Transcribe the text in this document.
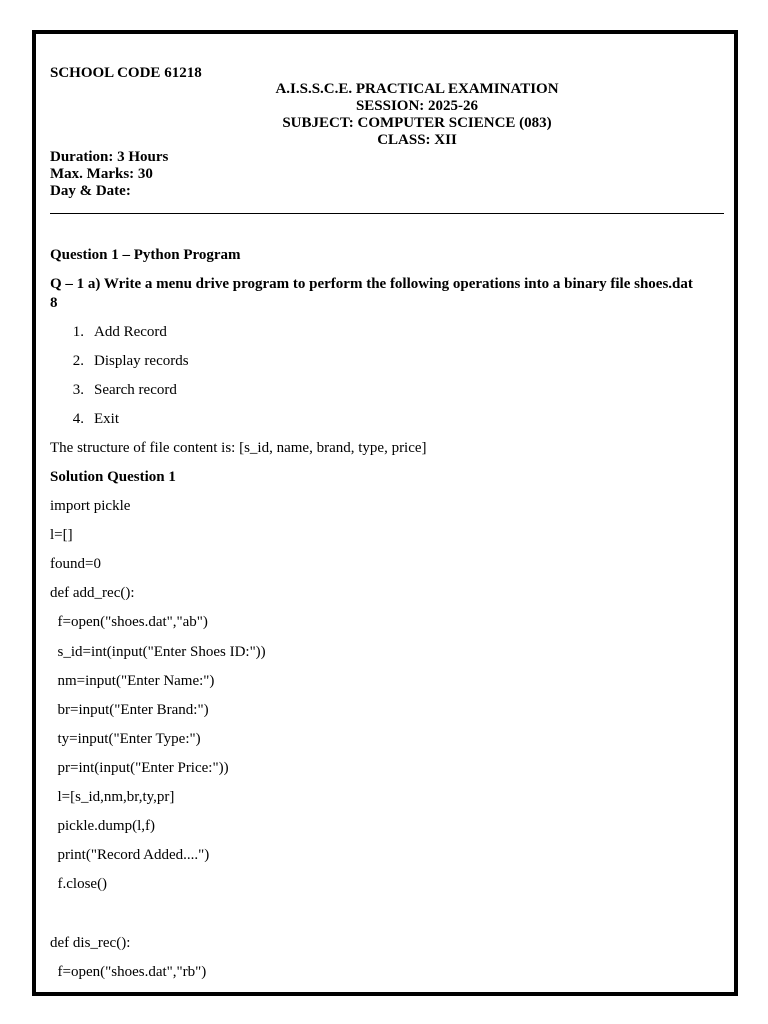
SCHOOL CODE 61218
A.I.S.S.C.E. PRACTICAL EXAMINATION
SESSION: 2025-26
SUBJECT: COMPUTER SCIENCE (083)
CLASS: XII
Duration: 3 Hours
Max. Marks: 30
Day & Date:
Question 1 – Python Program
Q – 1 a) Write a menu drive program to perform the following operations into a binary file shoes.dat
8
1. Add Record
2. Display records
3. Search record
4. Exit
The structure of file content is: [s_id, name, brand, type, price]
Solution Question 1
import pickle
l=[]
found=0
def add_rec():
f=open("shoes.dat","ab")
s_id=int(input("Enter Shoes ID:"))
nm=input("Enter Name:")
br=input("Enter Brand:")
ty=input("Enter Type:")
pr=int(input("Enter Price:"))
l=[s_id,nm,br,ty,pr]
pickle.dump(l,f)
print("Record Added....")
f.close()
def dis_rec():
f=open("shoes.dat","rb")
